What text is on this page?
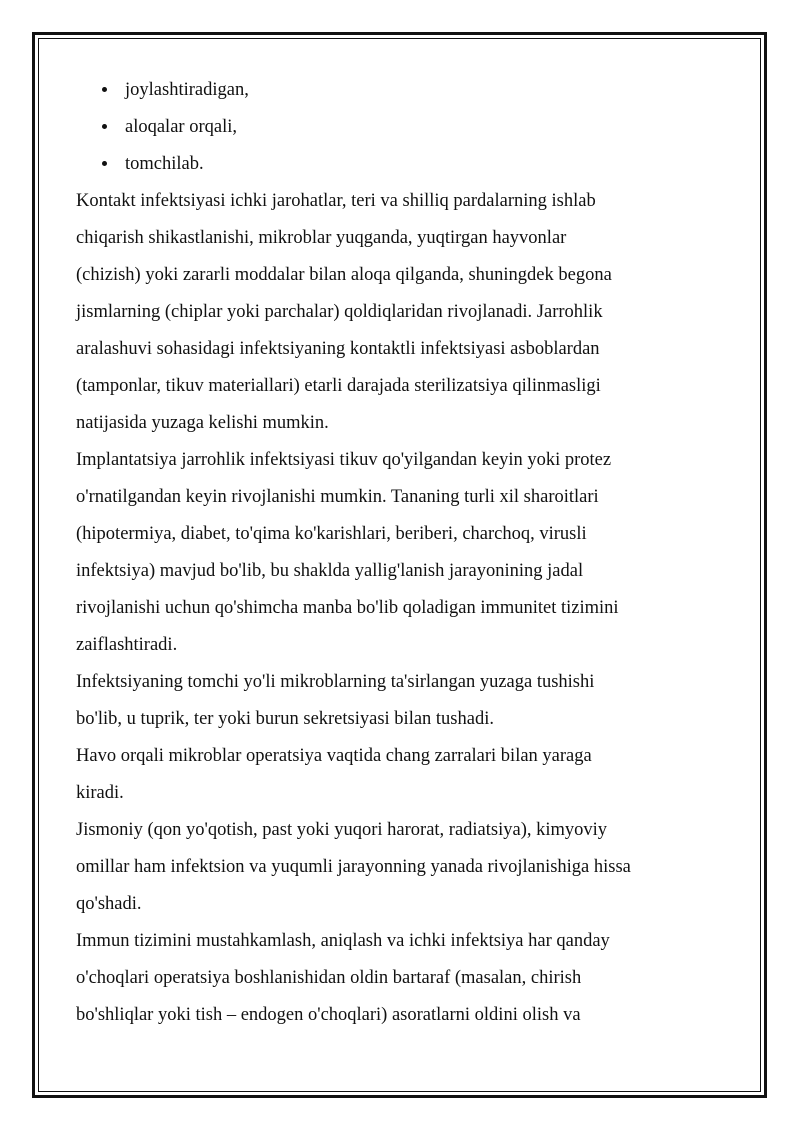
joylashtiradigan,
aloqalar orqali,
tomchilab.
Kontakt infektsiyasi ichki jarohatlar, teri va shilliq pardalarning ishlab
chiqarish shikastlanishi, mikroblar yuqganda, yuqtirgan hayvonlar
(chizish) yoki zararli moddalar bilan aloqa qilganda, shuningdek begona
jismlarning (chiplar yoki parchalar) qoldiqlaridan rivojlanadi. Jarrohlik
aralashuvi sohasidagi infektsiyaning kontaktli infektsiyasi asboblardan
(tamponlar, tikuv materiallari) etarli darajada sterilizatsiya qilinmasligi
natijasida yuzaga kelishi mumkin.
Implantatsiya jarrohlik infektsiyasi tikuv qo'yilgandan keyin yoki protez
o'rnatilgandan keyin rivojlanishi mumkin. Tananing turli xil sharoitlari
(hipotermiya, diabet, to'qima ko'karishlari, beriberi, charchoq, virusli
infektsiya) mavjud bo'lib, bu shaklda yallig'lanish jarayonining jadal
rivojlanishi uchun qo'shimcha manba bo'lib qoladigan immunitet tizimini
zaiflashtiradi.
Infektsiyaning tomchi yo'li mikroblarning ta'sirlangan yuzaga tushishi
bo'lib, u tuprik, ter yoki burun sekretsiyasi bilan tushadi.
Havo orqali mikroblar operatsiya vaqtida chang zarralari bilan yaraga
kiradi.
Jismoniy (qon yo'qotish, past yoki yuqori harorat, radiatsiya), kimyoviy
omillar ham infektsion va yuqumli jarayonning yanada rivojlanishiga hissa
qo'shadi.
Immun tizimini mustahkamlash, aniqlash va ichki infektsiya har qanday
o'choqlari operatsiya boshlanishidan oldin bartaraf (masalan, chirish
bo'shliqlar yoki tish – endogen o'choqlari) asoratlarni oldini olish va
